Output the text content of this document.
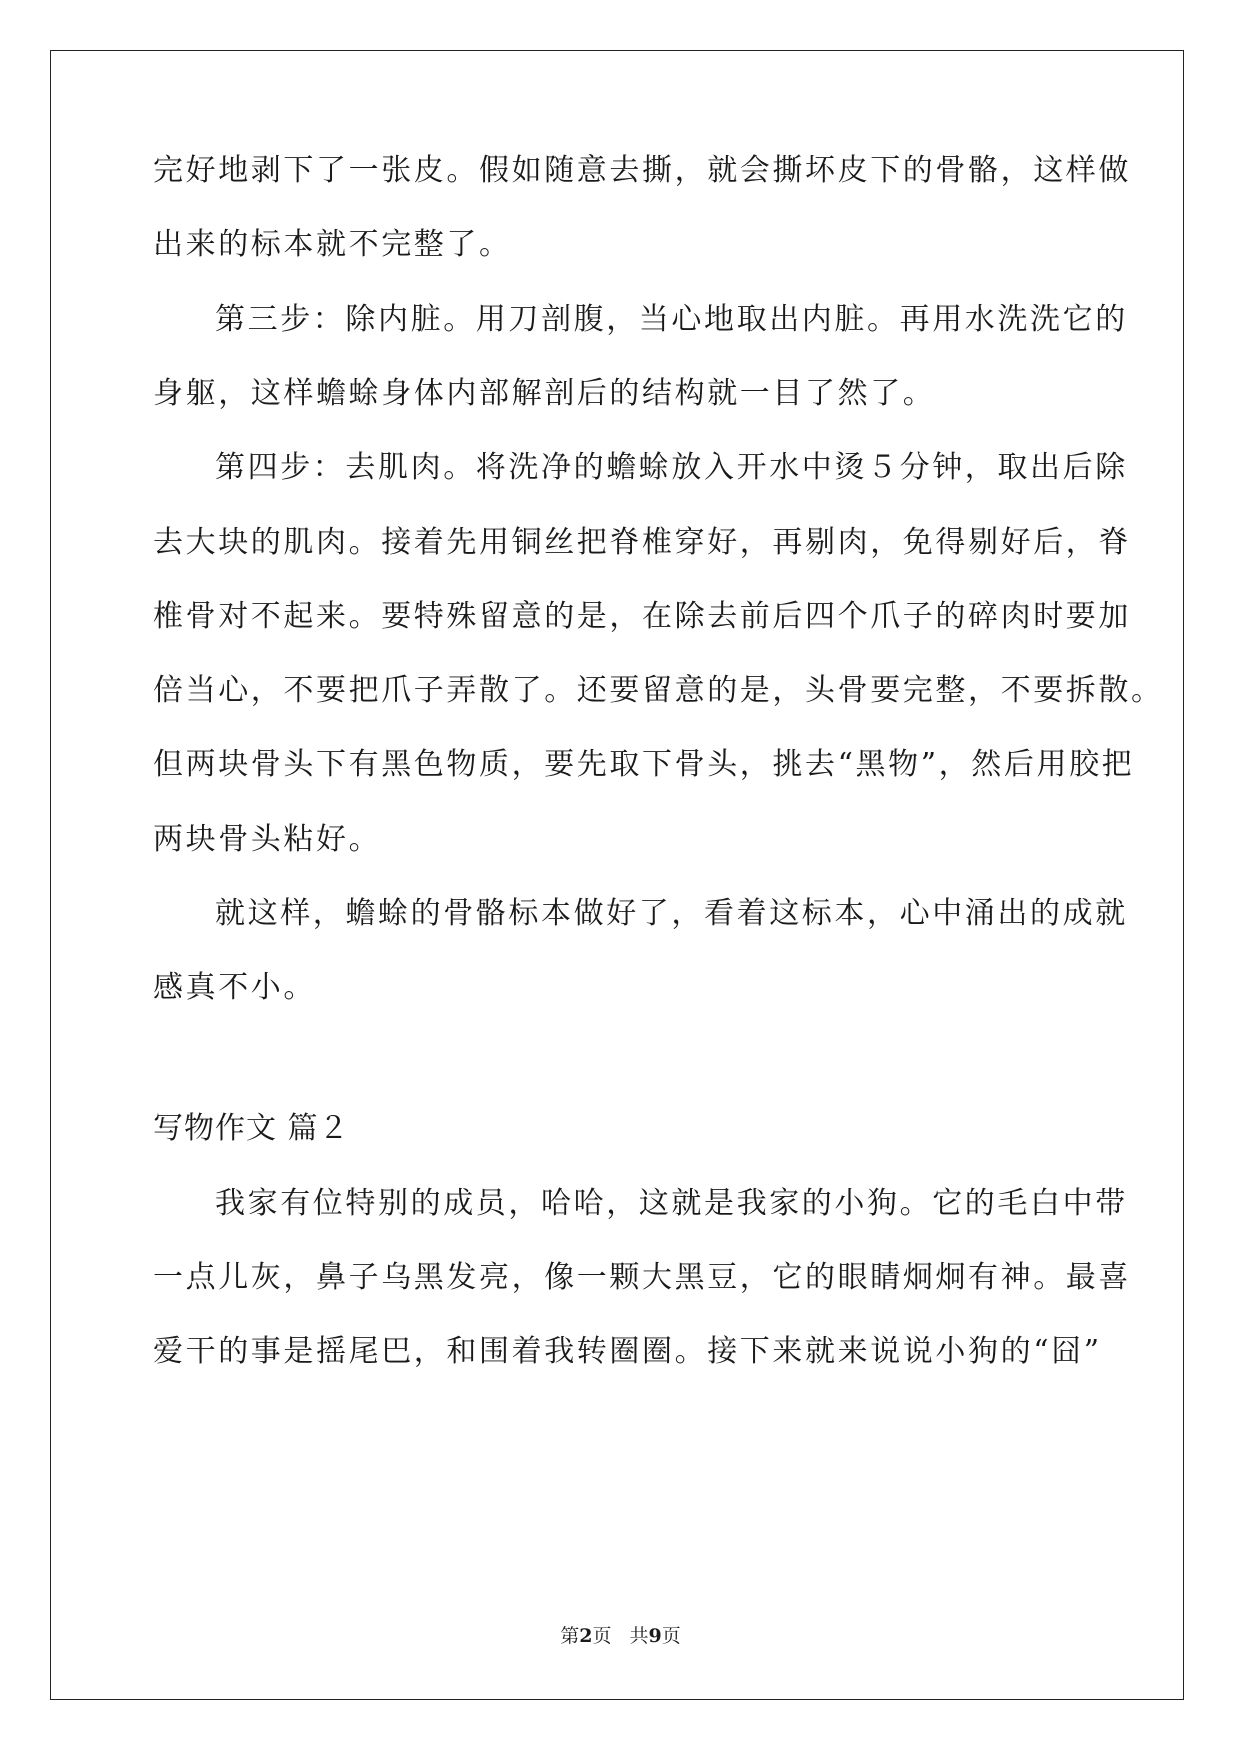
完好地剥下了一张皮。假如随意去撕，就会撕坏皮下的骨骼，这样做
出来的标本就不完整了。
第三步：除内脏。用刀剖腹，当心地取出内脏。再用水洗洗它的
身躯，这样蟾蜍身体内部解剖后的结构就一目了然了。
第四步：去肌肉。将洗净的蟾蜍放入开水中烫５分钟，取出后除
去大块的肌肉。接着先用铜丝把脊椎穿好，再剔肉，免得剔好后，脊
椎骨对不起来。要特殊留意的是，在除去前后四个爪子的碎肉时要加
倍当心，不要把爪子弄散了。还要留意的是，头骨要完整，不要拆散。
但两块骨头下有黑色物质，要先取下骨头，挑去“黑物”，然后用胶把
两块骨头粘好。
就这样，蟾蜍的骨骼标本做好了，看着这标本，心中涌出的成就
感真不小。
写物作文 篇２
我家有位特别的成员，哈哈，这就是我家的小狗。它的毛白中带
一点儿灰，鼻子乌黑发亮，像一颗大黑豆，它的眼睛炯炯有神。最喜
爱干的事是摇尾巴，和围着我转圈圈。接下来就来说说小狗的“囧”
第2页 共9页
